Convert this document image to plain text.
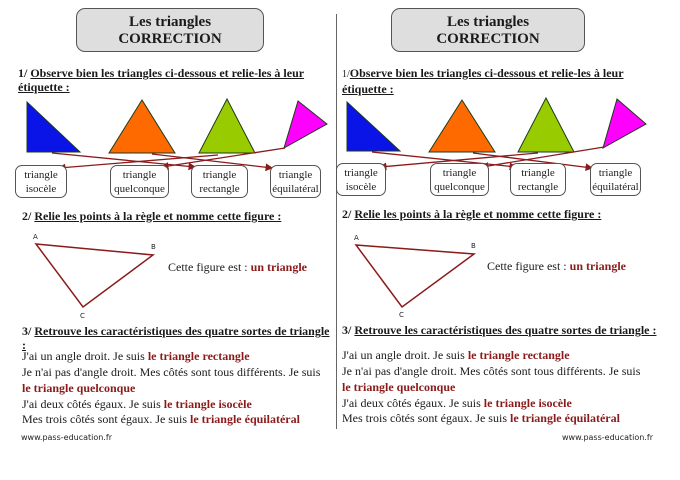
Les triangles
CORRECTION
1/ Observe bien les triangles ci-dessous et relie-les à leur
étiquette :
triangle
isocèle
triangle
quelconque
triangle
rectangle
triangle
équilatéral
2/ Relie les points à la règle et nomme cette figure :
A
B
C
Cette figure est : un triangle
3/ Retrouve les caractéristiques des quatre sortes de triangle :
J'ai un angle droit. Je suis le triangle rectangle
Je n'ai pas d'angle droit. Mes côtés sont tous différents. Je suis
le triangle quelconque
J'ai deux côtés égaux. Je suis le triangle isocèle
Mes trois côtés sont égaux. Je suis le triangle équilatéral
www.pass-education.fr
Les triangles
CORRECTION
1/Observe bien les triangles ci-dessous et relie-les à leur
étiquette :
triangle
isocèle
triangle
quelconque
triangle
rectangle
triangle
équilatéral
2/ Relie les points à la règle et nomme cette figure :
A
B
C
Cette figure est : un triangle
3/ Retrouve les caractéristiques des quatre sortes de triangle :
J'ai un angle droit. Je suis le triangle rectangle
Je n'ai pas d'angle droit. Mes côtés sont tous différents. Je suis
le triangle quelconque
J'ai deux côtés égaux. Je suis le triangle isocèle
Mes trois côtés sont égaux. Je suis le triangle équilatéral
www.pass-education.fr
